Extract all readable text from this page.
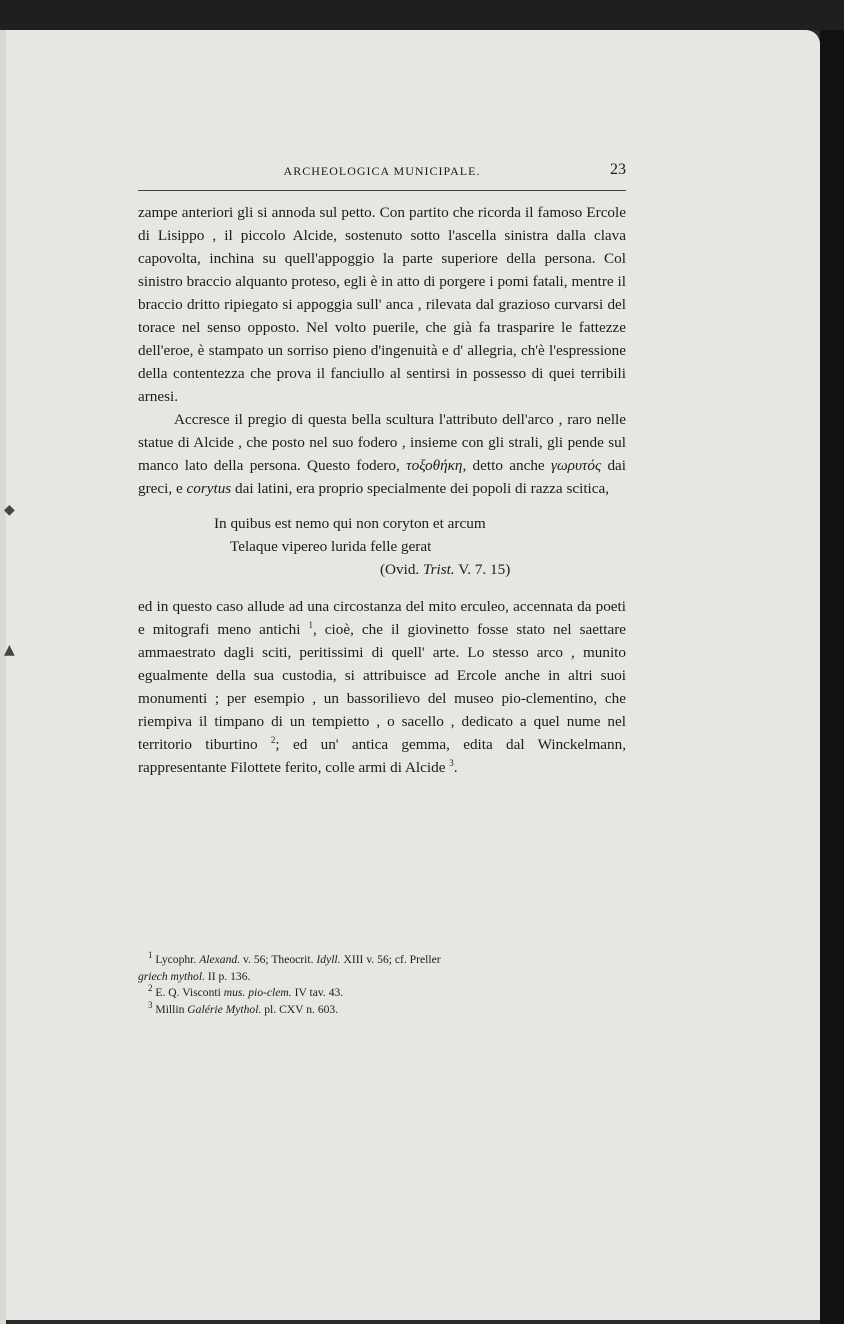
◆
▲
ARCHEOLOGICA MUNICIPALE.	23

zampe anteriori gli si annoda sul petto. Con partito che ricorda il famoso Ercole di Lisippo , il piccolo Alcide, sostenuto sotto l'ascella sinistra dalla clava capovolta, inchina su quell'appoggio la parte superiore della persona. Col sinistro braccio alquanto proteso, egli è in atto di porgere i pomi fatali, mentre il braccio dritto ripiegato si appoggia sull' anca , rilevata dal grazioso curvarsi del torace nel senso opposto. Nel volto puerile, che già fa trasparire le fattezze dell'eroe, è stampato un sorriso pieno d'ingenuità e d' allegria, ch'è l'espressione della contentezza che prova il fanciullo al sentirsi in possesso di quei terribili arnesi.

Accresce il pregio di questa bella scultura l'attributo dell'arco , raro nelle statue di Alcide , che posto nel suo fodero , insieme con gli strali, gli pende sul manco lato della persona. Questo fodero, τοξοθήκη, detto anche γωρυτός dai greci, e corytus dai latini, era proprio specialmente dei popoli di razza scitica,

In quibus est nemo qui non coryton et arcum
Telaque vipereo lurida felle gerat
(Ovid. Trist. V. 7. 15)

ed in questo caso allude ad una circostanza del mito erculeo, accennata da poeti e mitografi meno antichi $^1$, cioè, che il giovinetto fosse stato nel saettare ammaestrato dagli sciti, peritissimi di quell' arte. Lo stesso arco , munito egualmente della sua custodia, si attribuisce ad Ercole anche in altri suoi monumenti ; per esempio , un bassorilievo del museo pio-clementino, che riempiva il timpano di un tempietto , o sacello , dedicato a quel nume nel territorio tiburtino $^2$; ed un' antica gemma, edita dal Winckelmann, rappresentante Filottete ferito, colle armi di Alcide $^3$.

$^1$ Lycophr. Alexand. v. 56; Theocrit. Idyll. XIII v. 56; cf. Preller
griech mythol. II p. 136.
$^2$ E. Q. Visconti mus. pio-clem. IV tav. 43.
$^3$ Millin Galérie Mythol. pl. CXV n. 603.
